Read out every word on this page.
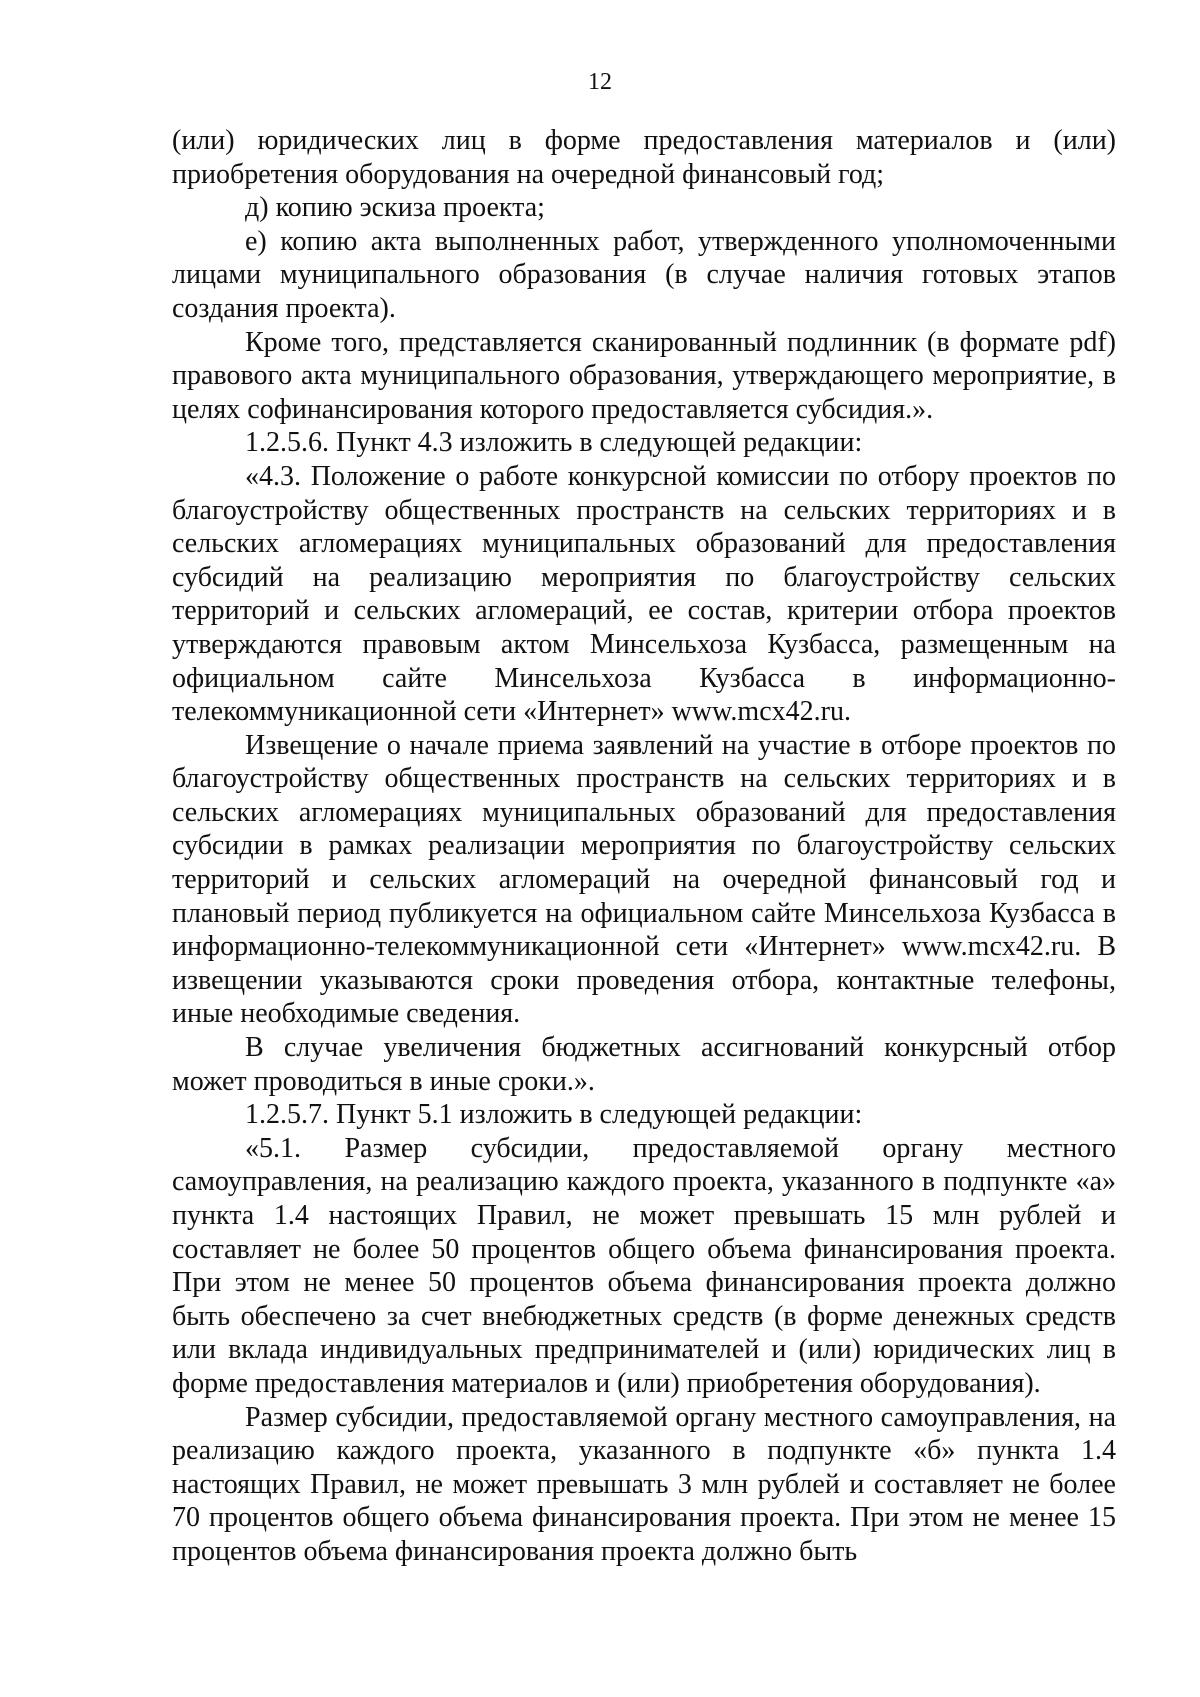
12

(или) юридических лиц в форме предоставления материалов и (или) приобретения оборудования на очередной финансовый год;

д) копию эскиза проекта;

е) копию акта выполненных работ, утвержденного уполномоченными лицами муниципального образования (в случае наличия готовых этапов создания проекта).

Кроме того, представляется сканированный подлинник (в формате pdf) правового акта муниципального образования, утверждающего мероприятие, в целях софинансирования которого предоставляется субсидия.».

1.2.5.6. Пункт 4.3 изложить в следующей редакции:

«4.3. Положение о работе конкурсной комиссии по отбору проектов по благоустройству общественных пространств на сельских территориях и в сельских агломерациях муниципальных образований для предоставления субсидий на реализацию мероприятия по благоустройству сельских территорий и сельских агломераций, ее состав, критерии отбора проектов утверждаются правовым актом Минсельхоза Кузбасса, размещенным на официальном сайте Минсельхоза Кузбасса в информационно-телекоммуникационной сети «Интернет» www.mcx42.ru.

Извещение о начале приема заявлений на участие в отборе проектов по благоустройству общественных пространств на сельских территориях и в сельских агломерациях муниципальных образований для предоставления субсидии в рамках реализации мероприятия по благоустройству сельских территорий и сельских агломераций на очередной финансовый год и плановый период публикуется на официальном сайте Минсельхоза Кузбасса в информационно-телекоммуникационной сети «Интернет» www.mcx42.ru. В извещении указываются сроки проведения отбора, контактные телефоны, иные необходимые сведения.

В случае увеличения бюджетных ассигнований конкурсный отбор может проводиться в иные сроки.».

1.2.5.7. Пункт 5.1 изложить в следующей редакции:

«5.1. Размер субсидии, предоставляемой органу местного самоуправления, на реализацию каждого проекта, указанного в подпункте «а» пункта 1.4 настоящих Правил, не может превышать 15 млн рублей и составляет не более 50 процентов общего объема финансирования проекта. При этом не менее 50 процентов объема финансирования проекта должно быть обеспечено за счет внебюджетных средств (в форме денежных средств или вклада индивидуальных предпринимателей и (или) юридических лиц в форме предоставления материалов и (или) приобретения оборудования).

Размер субсидии, предоставляемой органу местного самоуправления, на реализацию каждого проекта, указанного в подпункте «б» пункта 1.4 настоящих Правил, не может превышать 3 млн рублей и составляет не более 70 процентов общего объема финансирования проекта. При этом не менее 15 процентов объема финансирования проекта должно быть
